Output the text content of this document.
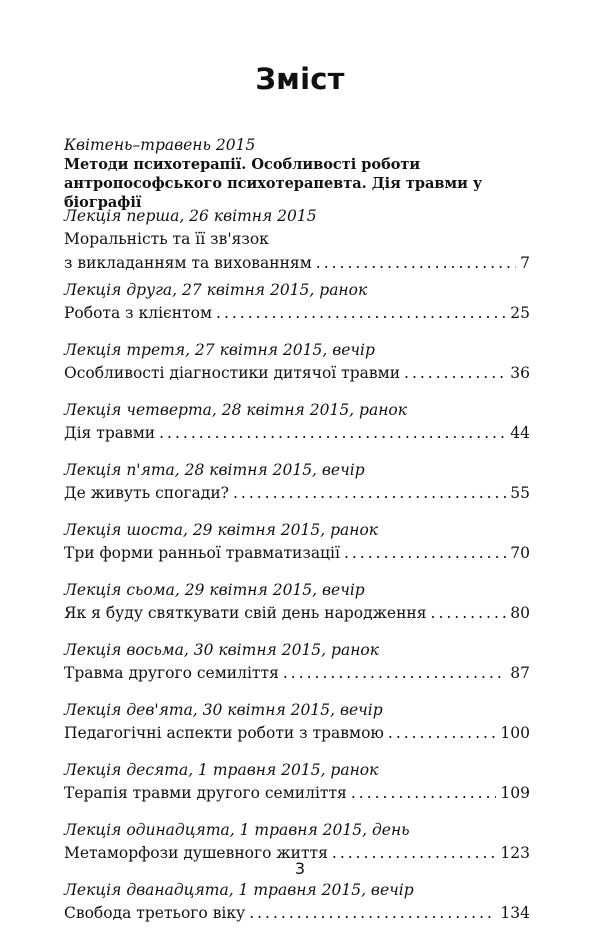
Зміст
Квітень–травень 2015
Методи психотерапії. Особливості роботи
антропософського психотерапевта. Дія травми у біографії
Лекція перша, 26 квітня 2015
Моральність та її зв'язок
з викладанням та вихованням .....	7
Лекція друга, 27 квітня 2015, ранок
Робота з клієнтом .....	25
Лекція третя, 27 квітня 2015, вечір
Особливості діагностики дитячої травми .....	36
Лекція четверта, 28 квітня 2015, ранок
Дія травми .....	44
Лекція п'ята, 28 квітня 2015, вечір
Де живуть спогади? .....	55
Лекція шоста, 29 квітня 2015, ранок
Три форми ранньої травматизації .....	70
Лекція сьома, 29 квітня 2015, вечір
Як я буду святкувати свій день народження .....	80
Лекція восьма, 30 квітня 2015, ранок
Травма другого семиліття .....	87
Лекція дев'ята, 30 квітня 2015, вечір
Педагогічні аспекти роботи з травмою .....	100
Лекція десята, 1 травня 2015, ранок
Терапія травми другого семиліття .....	109
Лекція одинадцята, 1 травня 2015, день
Метаморфози душевного життя .....	123
Лекція дванадцята, 1 травня 2015, вечір
Свобода третього віку .....	134
3
